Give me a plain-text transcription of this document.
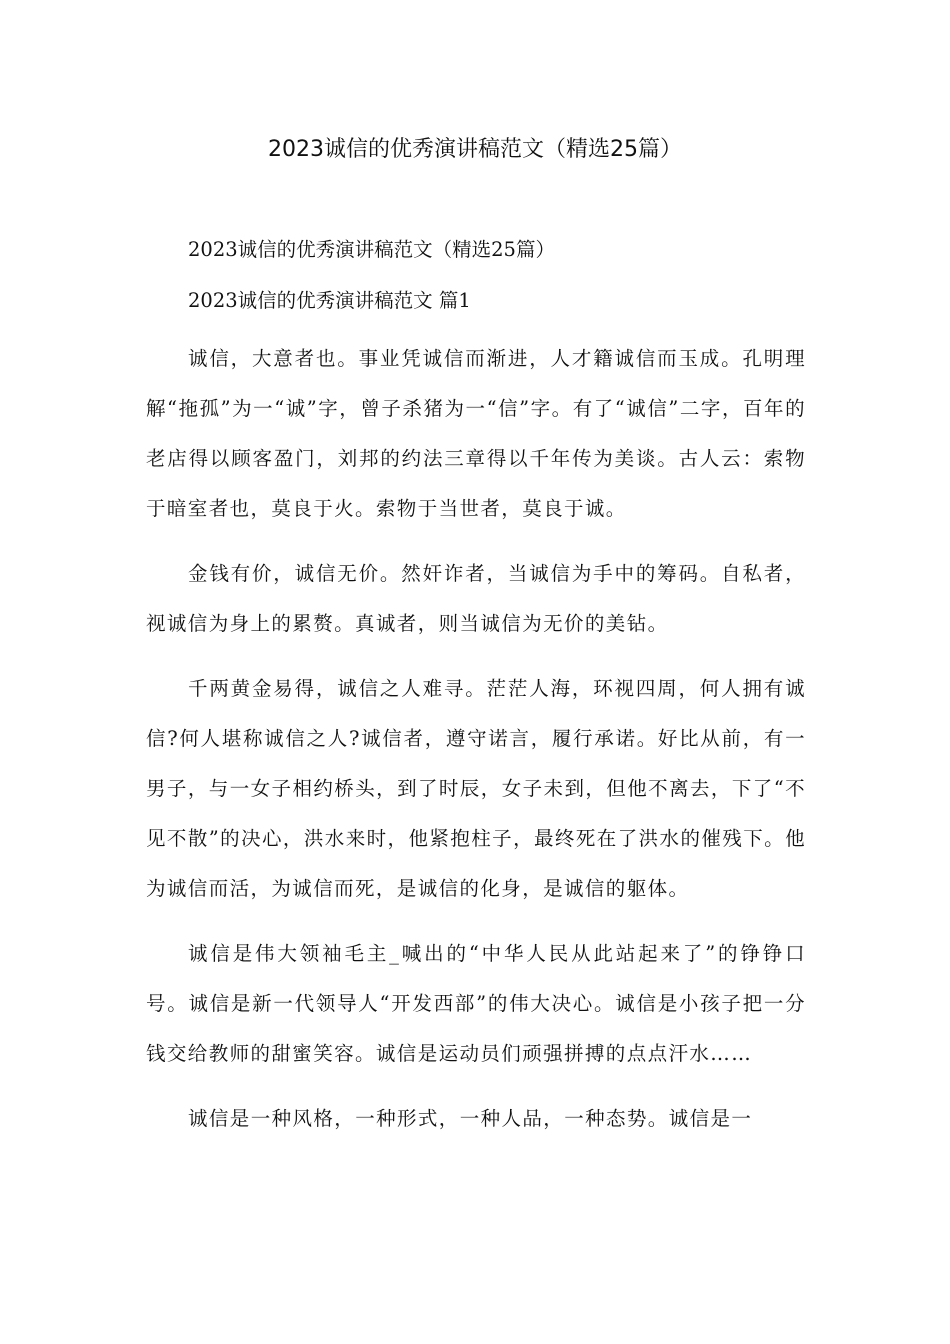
2023诚信的优秀演讲稿范文（精选25篇）

2023诚信的优秀演讲稿范文（精选25篇）

2023诚信的优秀演讲稿范文 篇1

诚信，大意者也。事业凭诚信而渐进，人才籍诚信而玉成。孔明理解“拖孤”为一“诚”字，曾子杀猪为一“信”字。有了“诚信”二字，百年的老店得以顾客盈门，刘邦的约法三章得以千年传为美谈。古人云：索物于暗室者也，莫良于火。索物于当世者，莫良于诚。

金钱有价，诚信无价。然奸诈者，当诚信为手中的筹码。自私者，视诚信为身上的累赘。真诚者，则当诚信为无价的美钻。

千两黄金易得，诚信之人难寻。茫茫人海，环视四周，何人拥有诚信?何人堪称诚信之人?诚信者，遵守诺言，履行承诺。好比从前，有一男子，与一女子相约桥头，到了时辰，女子未到，但他不离去，下了“不见不散”的决心，洪水来时，他紧抱柱子，最终死在了洪水的催残下。他为诚信而活，为诚信而死，是诚信的化身，是诚信的躯体。

诚信是伟大领袖毛主_喊出的“中华人民从此站起来了”的铮铮口号。诚信是新一代领导人“开发西部”的伟大决心。诚信是小孩子把一分钱交给教师的甜蜜笑容。诚信是运动员们顽强拼搏的点点汗水……

诚信是一种风格，一种形式，一种人品，一种态势。诚信是一
